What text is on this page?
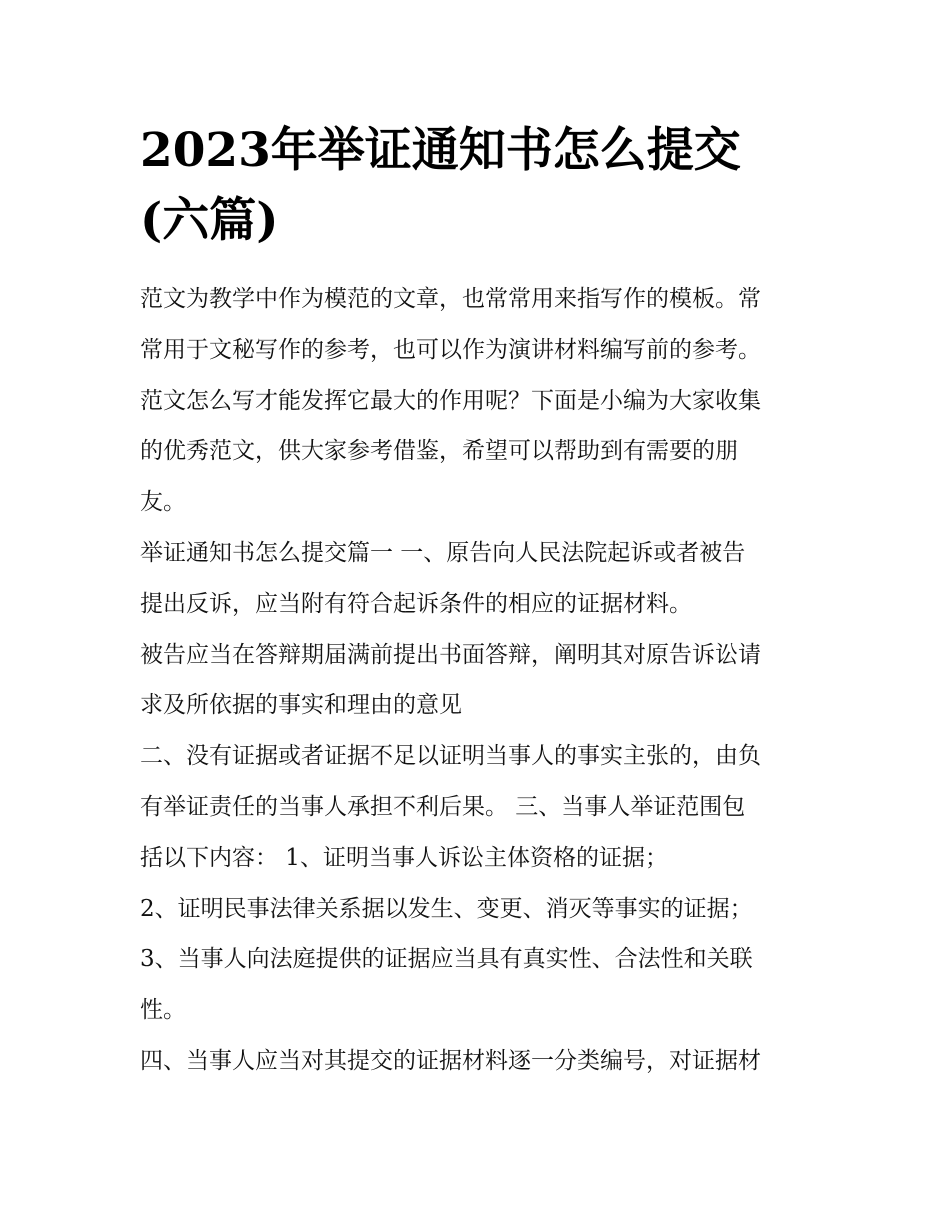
2023年举证通知书怎么提交
(六篇)
范文为教学中作为模范的文章，也常常用来指写作的模板。常
常用于文秘写作的参考，也可以作为演讲材料编写前的参考。
范文怎么写才能发挥它最大的作用呢？下面是小编为大家收集
的优秀范文，供大家参考借鉴，希望可以帮助到有需要的朋
友。
举证通知书怎么提交篇一 一、原告向人民法院起诉或者被告
提出反诉，应当附有符合起诉条件的相应的证据材料。
被告应当在答辩期届满前提出书面答辩，阐明其对原告诉讼请
求及所依据的事实和理由的意见
二、没有证据或者证据不足以证明当事人的事实主张的，由负
有举证责任的当事人承担不利后果。 三、当事人举证范围包
括以下内容： 1、证明当事人诉讼主体资格的证据；
2、证明民事法律关系据以发生、变更、消灭等事实的证据；
3、当事人向法庭提供的证据应当具有真实性、合法性和关联
性。
四、当事人应当对其提交的证据材料逐一分类编号，对证据材
